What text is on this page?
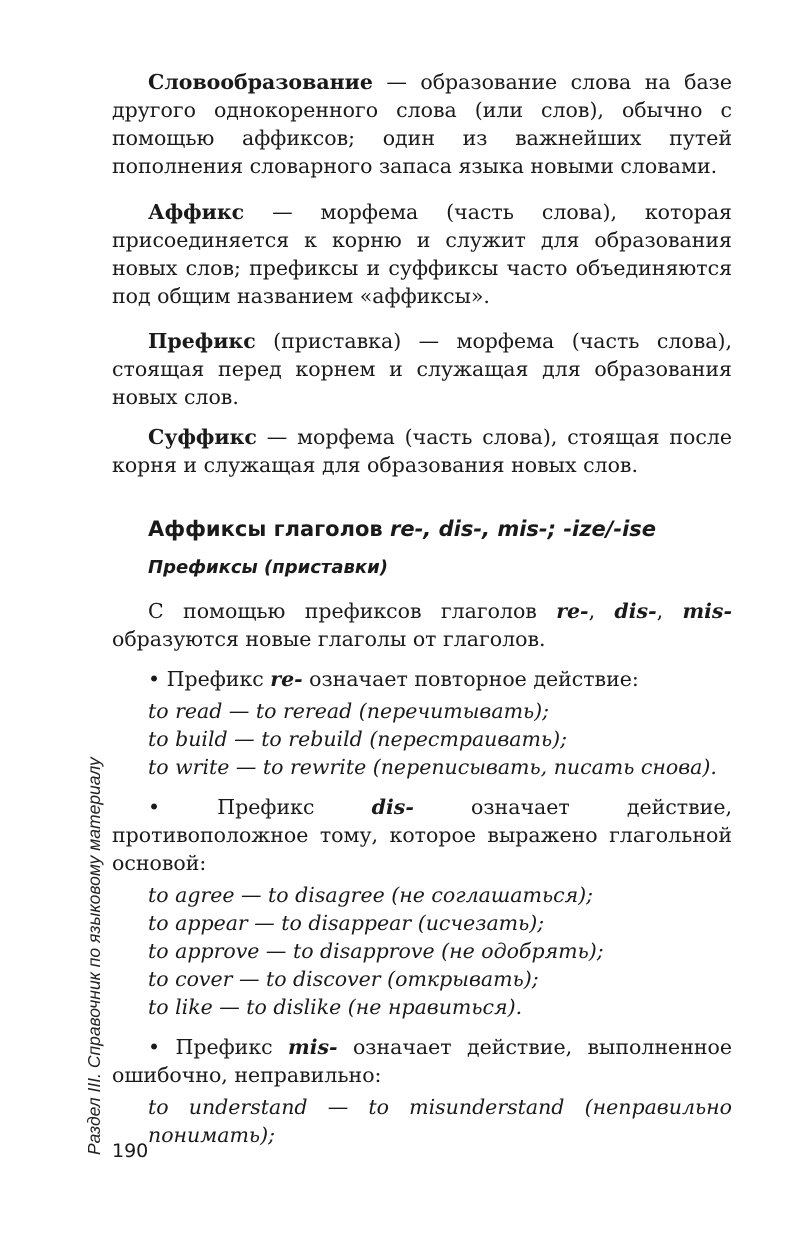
Словообразование — образование слова на базе другого однокоренного слова (или слов), обычно с помощью аффиксов; один из важнейших путей пополнения словарного запаса языка новыми словами.

Аффикс — морфема (часть слова), которая присоединяется к корню и служит для образования новых слов; префиксы и суффиксы часто объединяются под общим названием «аффиксы».

Префикс (приставка) — морфема (часть слова), стоящая перед корнем и служащая для образования новых слов.

Суффикс — морфема (часть слова), стоящая после корня и служащая для образования новых слов.

Аффиксы глаголов re-, dis-, mis-; -ize/-ise
Префиксы (приставки)

С помощью префиксов глаголов re-, dis-, mis- образуются новые глаголы от глаголов.

• Префикс re- означает повторное действие:

to read — to reread (перечитывать);

to build — to rebuild (перестраивать);

to write — to rewrite (переписывать, писать снова).

• Префикс dis- означает действие, противоположное тому, которое выражено глагольной основой:

to agree — to disagree (не соглашаться);

to appear — to disappear (исчезать);

to approve — to disapprove (не одобрять);

to cover — to discover (открывать);

to like — to dislike (не нравиться).

• Префикс mis- означает действие, выполненное ошибочно, неправильно:

to understand — to misunderstand (неправильно понимать);

Раздел III. Справочник по языковому материалу 190
